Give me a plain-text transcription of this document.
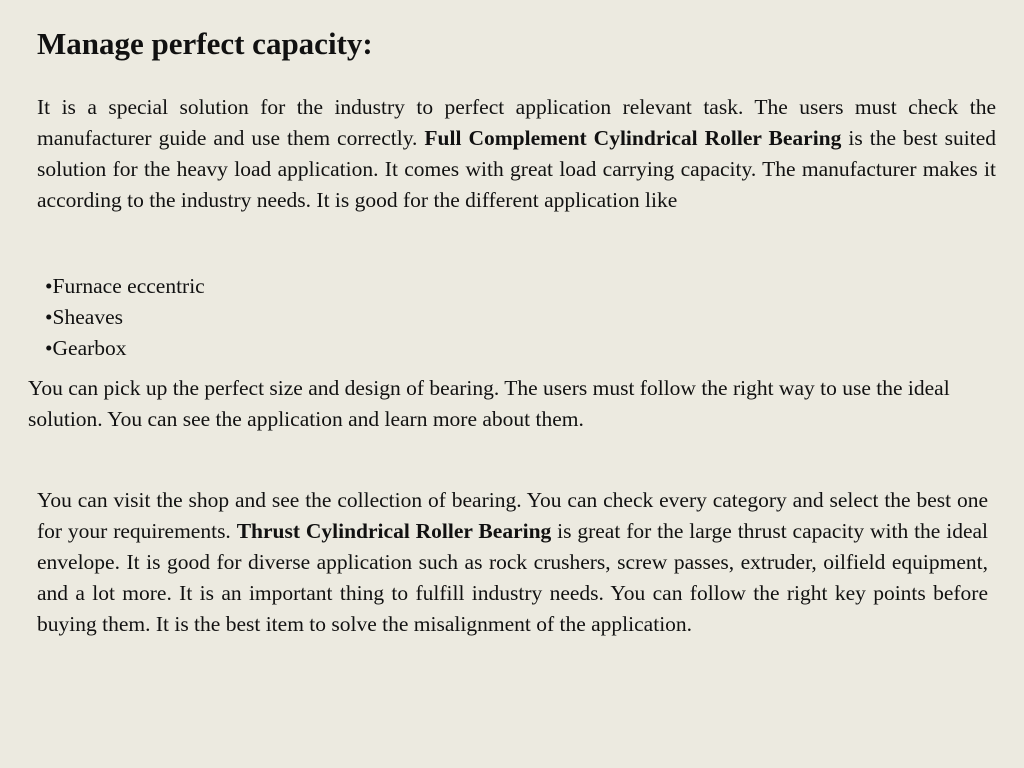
Manage perfect capacity:

It is a special solution for the industry to perfect application relevant task. The users must check the manufacturer guide and use them correctly. Full Complement Cylindrical Roller Bearing is the best suited solution for the heavy load application. It comes with great load carrying capacity. The manufacturer makes it according to the industry needs. It is good for the different application like

•Furnace eccentric
•Sheaves
•Gearbox

You can pick up the perfect size and design of bearing. The users must follow the right way to use the ideal solution. You can see the application and learn more about them.

You can visit the shop and see the collection of bearing. You can check every category and select the best one for your requirements. Thrust Cylindrical Roller Bearing is great for the large thrust capacity with the ideal envelope. It is good for diverse application such as rock crushers, screw passes, extruder, oilfield equipment, and a lot more. It is an important thing to fulfill industry needs. You can follow the right key points before buying them. It is the best item to solve the misalignment of the application.
